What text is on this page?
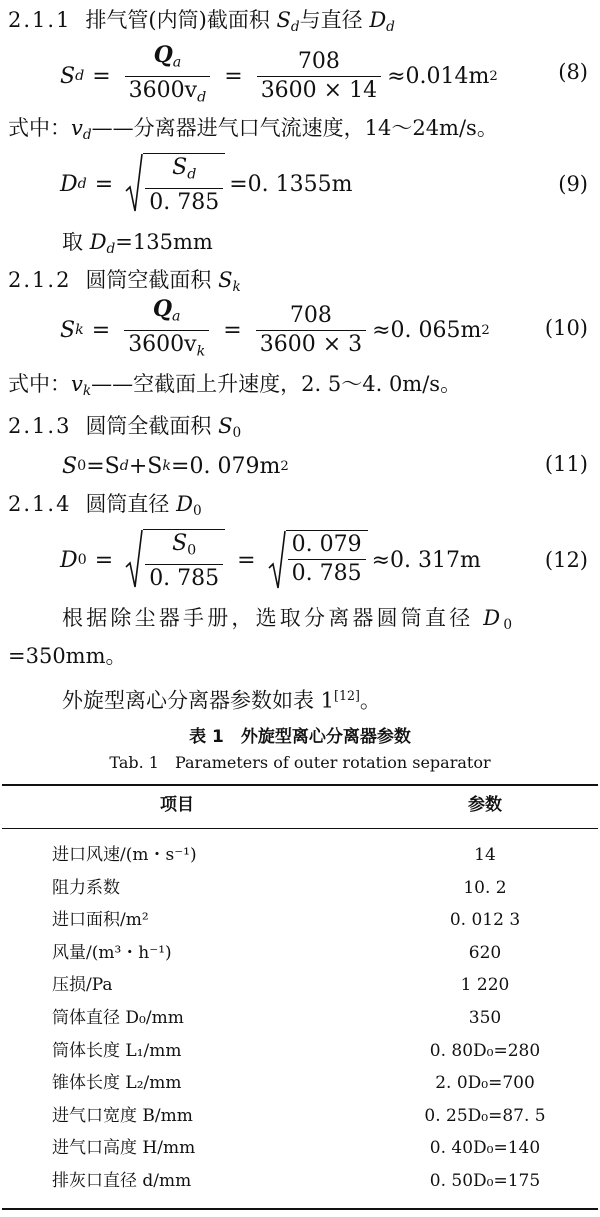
2.1.1 排气管(内筒)截面积 $S_d$与直径 $D_d$
S $d = \frac{Q_a}{3600v_d} = \frac{708}{3600 \times 14} \approx 0.014m$ 2	(8)
式中：$v_d——$分离器进气口气流速度，14～24m/s。
D $d = \frac{S_d}{0. 785} =0$. 1355m	(9)
取 $D_d=135mm$
2.1.2 圆筒空截面积 $S_k$
S $k = \frac{Q_a}{3600v_k} = \frac{708}{3600 \times 3} \approx 0$. 065m 2	(10)
式中：$v_k——$空截面上升速度，2. 5～4. 0m/s。
2.1.3 圆筒全截面积 S0
S 0 =S d +S k =0. 079m 2	(11)
2.1.4 圆筒直径 D0
D $0 = \frac{S0}{0. 785} = \frac{0. 079}{0. 785} \approx 0$. 317m	(12)
根据除尘器手册，选取分离器圆筒直径 D0
=350mm。
外旋型离心分离器参数如表 1[12]。
表 1　外旋型离心分离器参数
Tab. 1　Parameters of outer rotation separator
项目	参数
进口风速/(m・s⁻¹)	14
阻力系数	10. 2
进口面积/m²	0. 012 3
风量/(m³・h⁻¹)	620
压损/Pa	1 220
筒体直径 D₀/mm	350
筒体长度 L₁/mm	0. 80D₀=280
锥体长度 L₂/mm	2. 0D₀=700
进气口宽度 B/mm	0. 25D₀=87. 5
进气口高度 H/mm	0. 40D₀=140
排灰口直径 d/mm	0. 50D₀=175
